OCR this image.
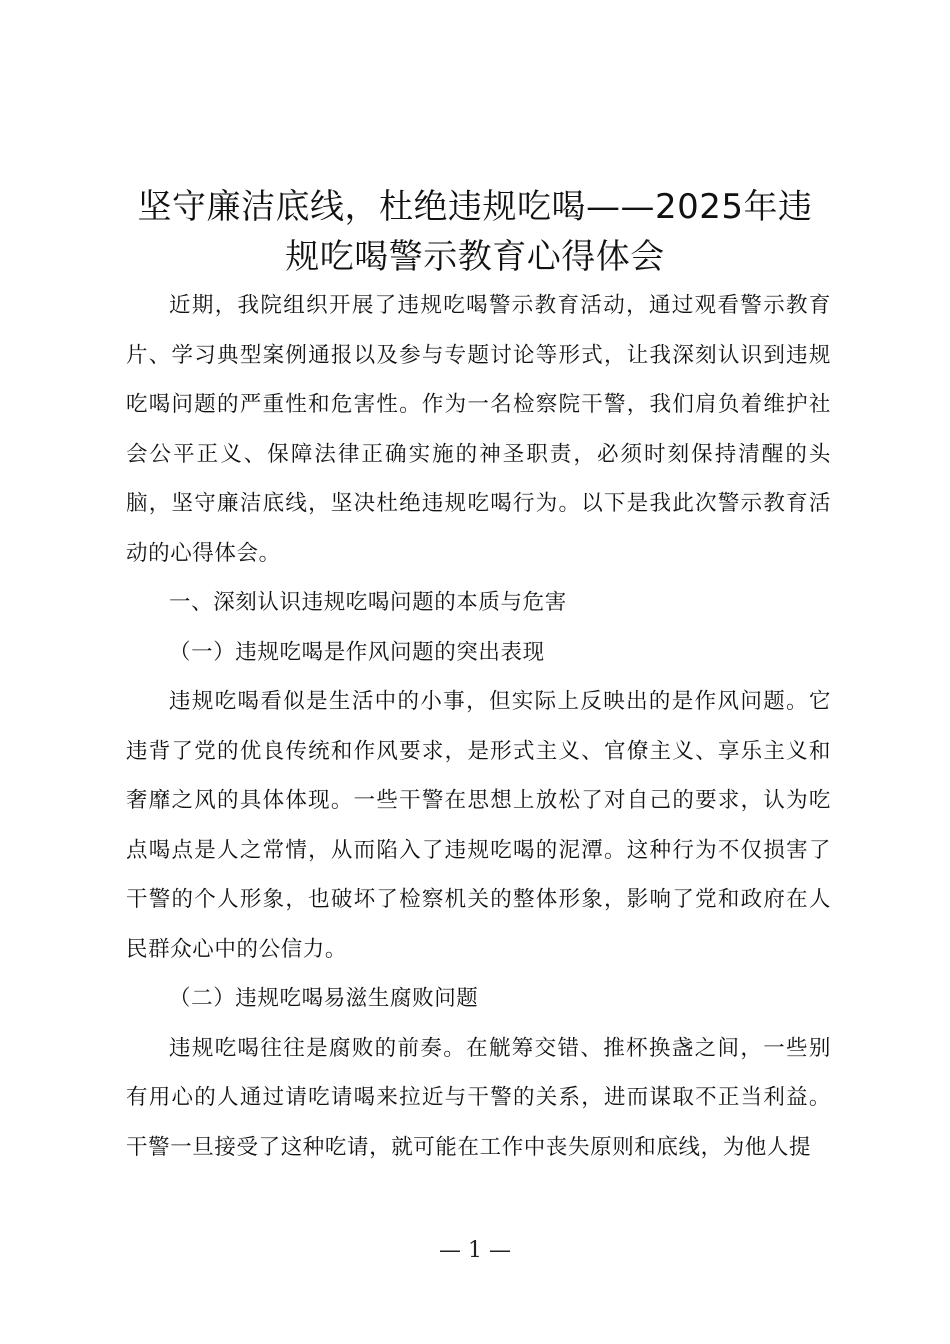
坚守廉洁底线，杜绝违规吃喝——2025年违
规吃喝警示教育心得体会

近期，我院组织开展了违规吃喝警示教育活动，通过观看警示教育片、学习典型案例通报以及参与专题讨论等形式，让我深刻认识到违规吃喝问题的严重性和危害性。作为一名检察院干警，我们肩负着维护社会公平正义、保障法律正确实施的神圣职责，必须时刻保持清醒的头脑，坚守廉洁底线，坚决杜绝违规吃喝行为。以下是我此次警示教育活动的心得体会。

一、深刻认识违规吃喝问题的本质与危害

（一）违规吃喝是作风问题的突出表现

违规吃喝看似是生活中的小事，但实际上反映出的是作风问题。它违背了党的优良传统和作风要求，是形式主义、官僚主义、享乐主义和奢靡之风的具体体现。一些干警在思想上放松了对自己的要求，认为吃点喝点是人之常情，从而陷入了违规吃喝的泥潭。这种行为不仅损害了干警的个人形象，也破坏了检察机关的整体形象，影响了党和政府在人民群众心中的公信力。

（二）违规吃喝易滋生腐败问题

违规吃喝往往是腐败的前奏。在觥筹交错、推杯换盏之间，一些别有用心的人通过请吃请喝来拉近与干警的关系，进而谋取不正当利益。干警一旦接受了这种吃请，就可能在工作中丧失原则和底线，为他人提

— 1 —
